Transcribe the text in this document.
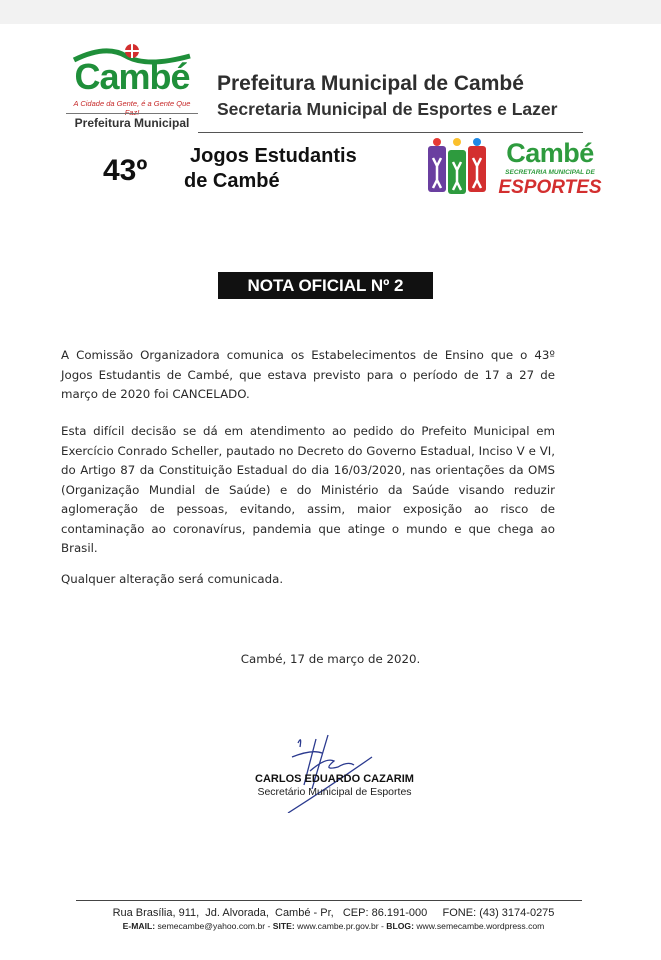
Cambé
A Cidade da Gente, é a Gente Que Faz!
Prefeitura Municipal
Prefeitura Municipal de Cambé
Secretaria Municipal de Esportes e Lazer
43º Jogos Estudantis
de Cambé
Cambé
SECRETARIA MUNICIPAL DE
ESPORTES
NOTA OFICIAL Nº 2

A Comissão Organizadora comunica os Estabelecimentos de Ensino que o 43º Jogos Estudantis de Cambé, que estava previsto para o período de 17 a 27 de março de 2020 foi CANCELADO.

Esta difícil decisão se dá em atendimento ao pedido do Prefeito Municipal em Exercício Conrado Scheller, pautado no Decreto do Governo Estadual, Inciso V e VI, do Artigo 87 da Constituição Estadual do dia 16/03/2020, nas orientações da OMS (Organização Mundial de Saúde) e do Ministério da Saúde visando reduzir aglomeração de pessoas, evitando, assim, maior exposição ao risco de contaminação ao coronavírus, pandemia que atinge o mundo e que chega ao Brasil.

Qualquer alteração será comunicada.

Cambé, 17 de março de 2020.
CARLOS EDUARDO CAZARIM
Secretário Municipal de Esportes
Rua Brasília, 911,  Jd. Alvorada,  Cambé - Pr,   CEP: 86.191-000     FONE: (43) 3174-0275
E-MAIL: semecambe@yahoo.com.br - SITE: www.cambe.pr.gov.br - BLOG: www.semecambe.wordpress.com
